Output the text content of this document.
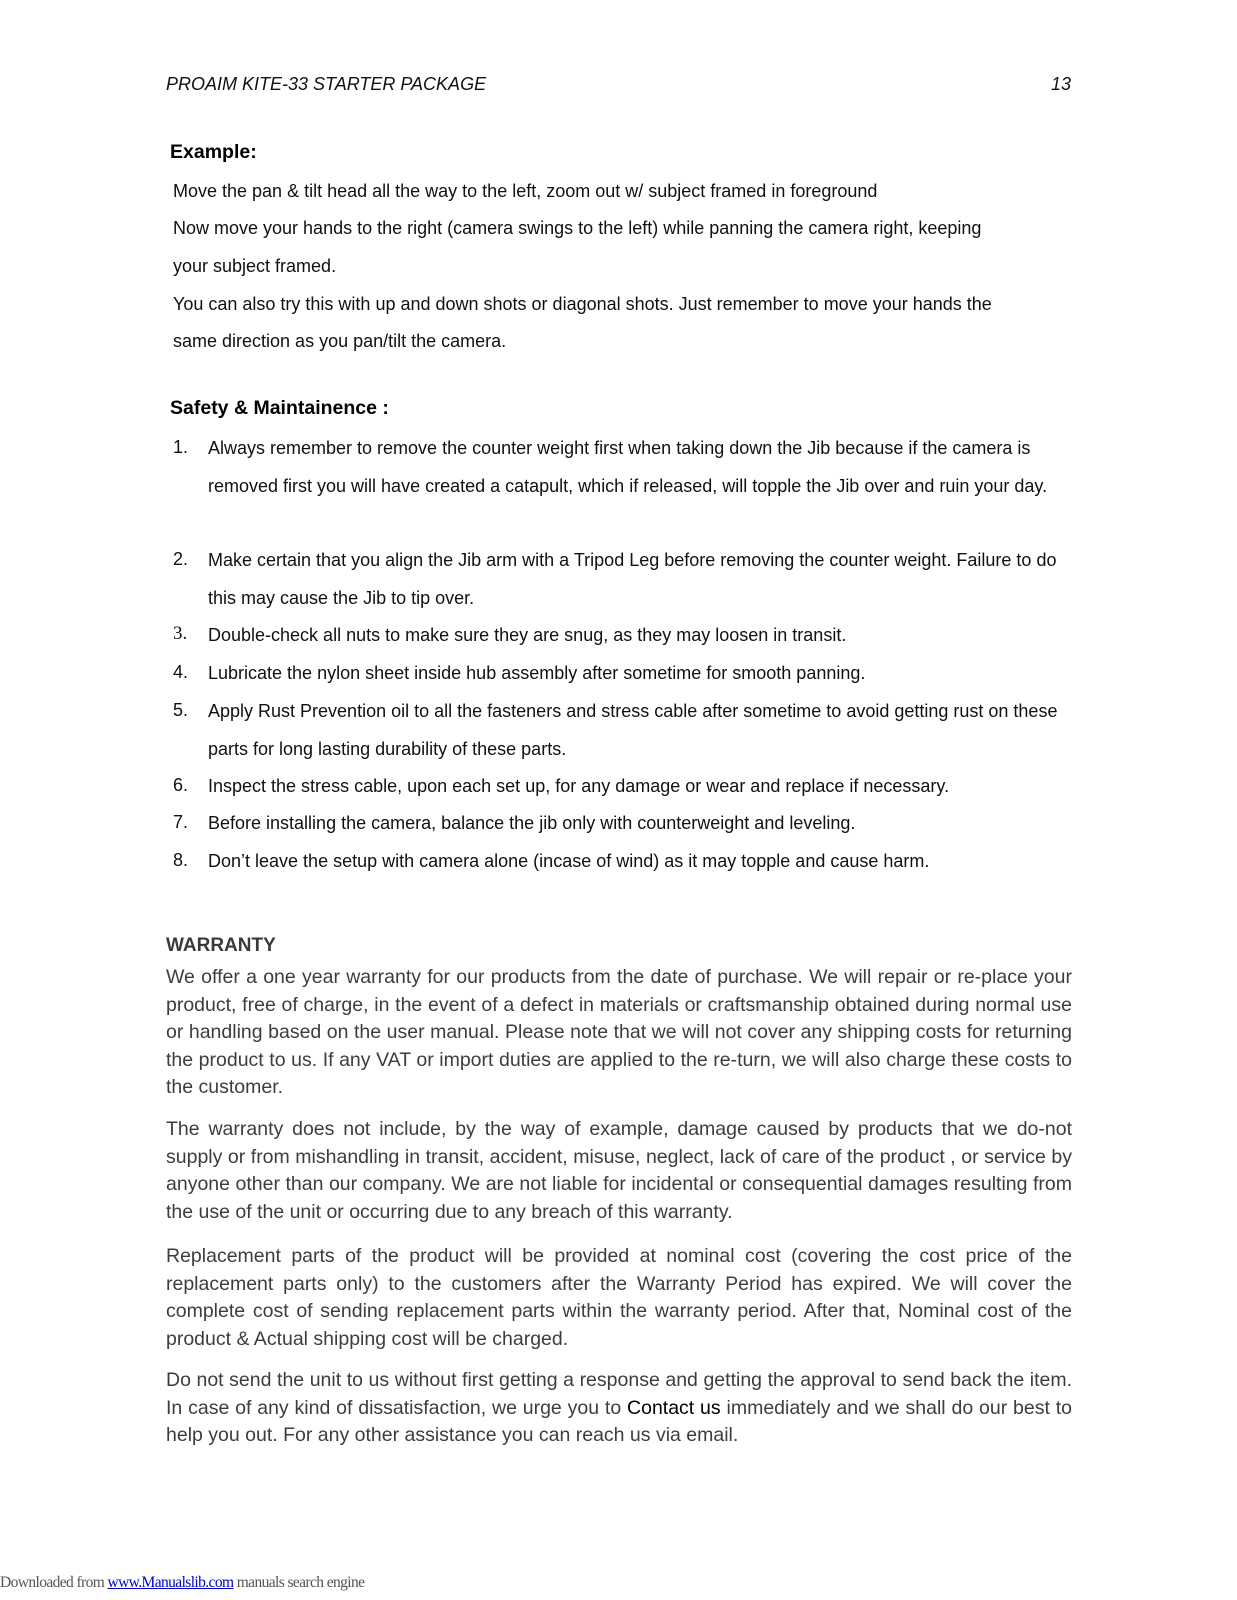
PROAIM KITE-33 STARTER PACKAGE	13
Example:
Move the pan & tilt head all the way to the left, zoom out w/ subject framed in foreground
Now move your hands to the right (camera swings to the left) while panning the camera right, keeping
your subject framed.
You can also try this with up and down shots or diagonal shots. Just remember to move your hands the
same direction as you pan/tilt the camera.
Safety & Maintainence :
1.	Always remember to remove the counter weight first when taking down the Jib because if the camera is removed first you will have created a catapult, which if released, will topple the Jib over and ruin your day.
2.	Make certain that you align the Jib arm with a Tripod Leg before removing the counter weight. Failure to do this may cause the Jib to tip over.
3.	Double-check all nuts to make sure they are snug, as they may loosen in transit.
4.	Lubricate the nylon sheet inside hub assembly after sometime for smooth panning.
5.	Apply Rust Prevention oil to all the fasteners and stress cable after sometime to avoid getting rust on these parts for long lasting durability of these parts.
6.	Inspect the stress cable, upon each set up, for any damage or wear and replace if necessary.
7.	Before installing the camera, balance the jib only with counterweight and leveling.
8.	Don’t leave the setup with camera alone (incase of wind) as it may topple and cause harm.
WARRANTY
We offer a one year warranty for our products from the date of purchase. We will repair or re-place your product, free of charge, in the event of a defect in materials or craftsmanship obtained during normal use or handling based on the user manual. Please note that we will not cover any shipping costs for returning the product to us. If any VAT or import duties are applied to the re-turn, we will also charge these costs to the customer.
The warranty does not include, by the way of example, damage caused by products that we do-not supply or from mishandling in transit, accident, misuse, neglect, lack of care of the product , or service by anyone other than our company. We are not liable for incidental or consequential damages resulting from the use of the unit or occurring due to any breach of this warranty.
Replacement parts of the product will be provided at nominal cost (covering the cost price of the replacement parts only) to the customers after the Warranty Period has expired. We will cover the complete cost of sending replacement parts within the warranty period. After that, Nominal cost of the product & Actual shipping cost will be charged.
Do not send the unit to us without first getting a response and getting the approval to send back the item. In case of any kind of dissatisfaction, we urge you to Contact us immediately and we shall do our best to help you out. For any other assistance you can reach us via email.
Downloaded from www.Manualslib.com manuals search engine
